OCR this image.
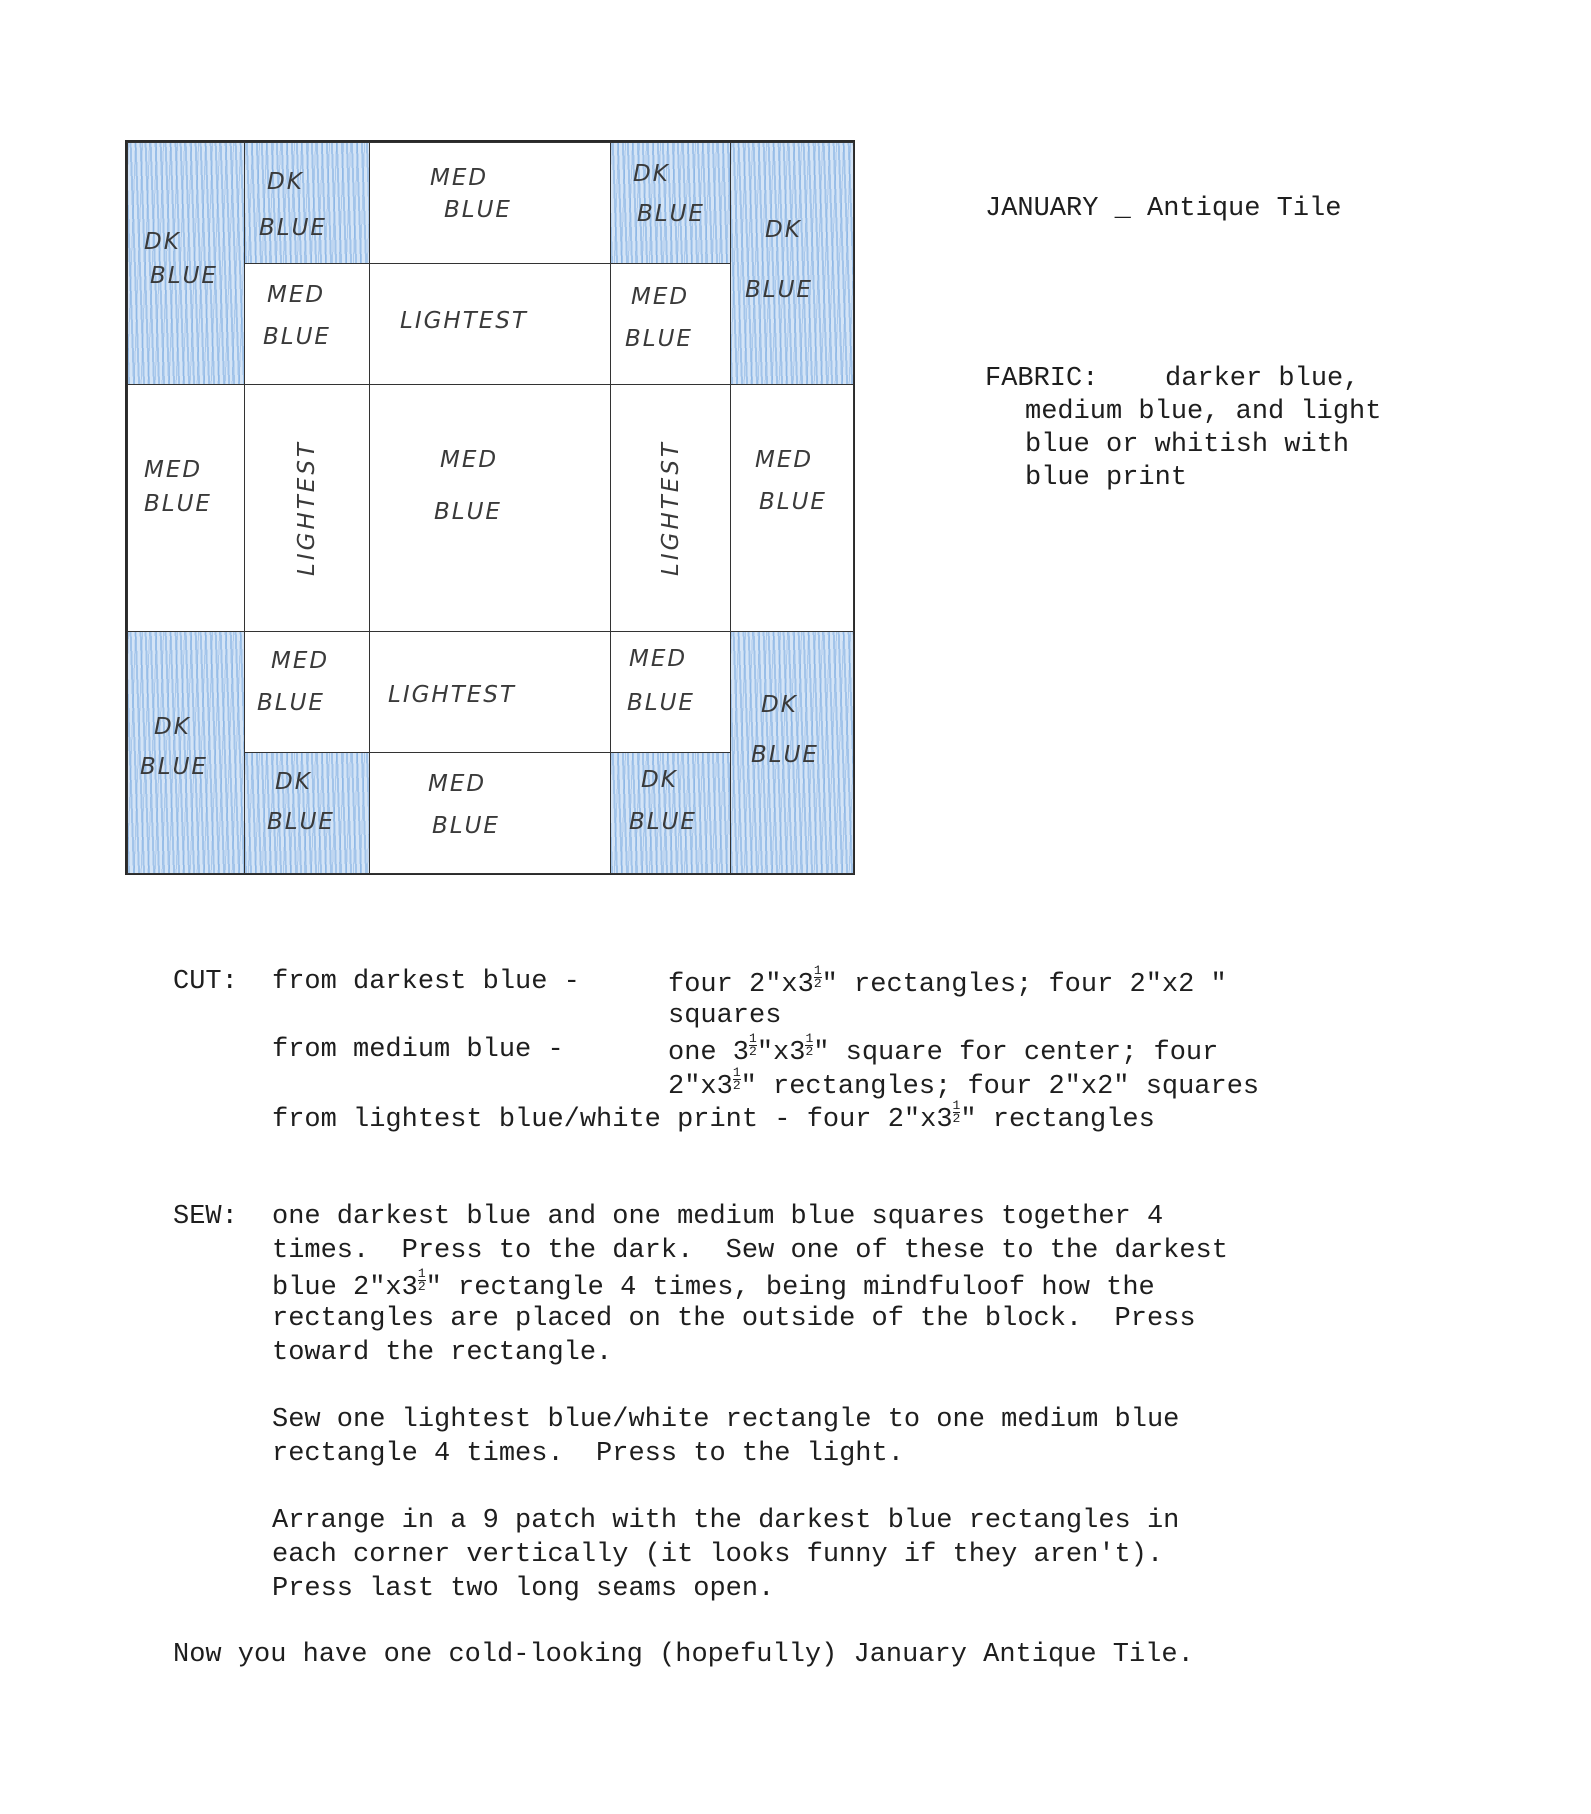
DK
BLUE
DK
BLUE
MED
BLUE
DK
BLUE
DK
BLUE
MED
BLUE
LIGHTEST
MED
BLUE
MED
BLUE	LIGHTEST	MED
BLUE	LIGHTEST	MED
BLUE
DK
BLUE
MED
BLUE	LIGHTEST
MED
BLUE	DK
BLUE
DK
BLUE
MED
BLUE
DK
BLUE
JANUARY _ Antique Tile
FABRIC: darker blue,
medium blue, and light
blue or whitish with
blue print
CUT: from darkest blue -	four 2"x3 $\frac{1}{2}$ " rectangles; four 2"x2 "
squares
from medium blue -	one $3 \frac{1}{2}$ "$x3 \frac{1}{2}$ " square for center; four
2"x3 $\frac{1}{2}$ " rectangles; four 2"x2" squares
from lightest blue/white print - four 2"x3 $\frac{1}{2}$ " rectangles
SEW: one darkest blue and one medium blue squares together 4
times.  Press to the dark.  Sew one of these to the darkest
blue 2"x3 $\frac{1}{2}$ " rectangle 4 times, being mindfuloof how the
rectangles are placed on the outside of the block.  Press
toward the rectangle.
Sew one lightest blue/white rectangle to one medium blue
rectangle 4 times.  Press to the light.
Arrange in a 9 patch with the darkest blue rectangles in
each corner vertically (it looks funny if they aren't).
Press last two long seams open.
Now you have one cold-looking (hopefully) January Antique Tile.
